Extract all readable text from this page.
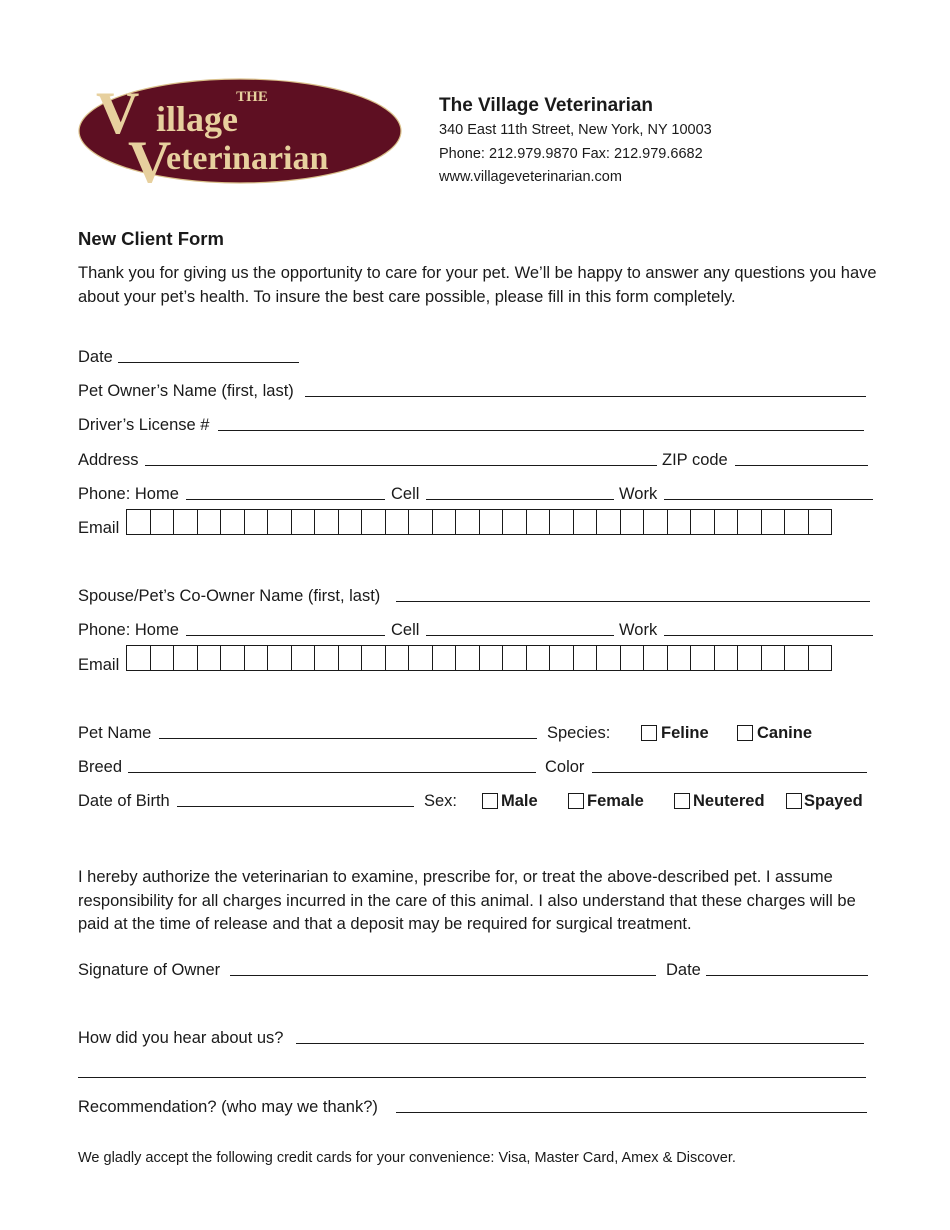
THE
V illage
V
eterinarian
The Village Veterinarian
340 East 11th Street, New York, NY 10003
Phone: 212.979.9870 Fax: 212.979.6682
www.villageveterinarian.com
New Client Form
Thank you for giving us the opportunity to care for your pet. We’ll be happy to answer any questions you have about your pet’s health. To insure the best care possible, please fill in this form completely.
Date
Pet Owner’s Name (first, last)
Driver’s License #
Address	ZIP code
Phone: Home	Cell	Work
Email
Spouse/Pet’s Co-Owner Name (first, last)
Phone: Home	Cell	Work
Email
Pet Name	Species:	Feline	Canine
Breed	Color
Date of Birth	Sex:	Male	Female	Neutered Spayed
I hereby authorize the veterinarian to examine, prescribe for, or treat the above-described pet. I assume responsibility for all charges incurred in the care of this animal. I also understand that these charges will be paid at the time of release and that a deposit may be required for surgical treatment.
Signature of Owner	Date
How did you hear about us?
Recommendation? (who may we thank?)
We gladly accept the following credit cards for your convenience: Visa, Master Card, Amex & Discover.
